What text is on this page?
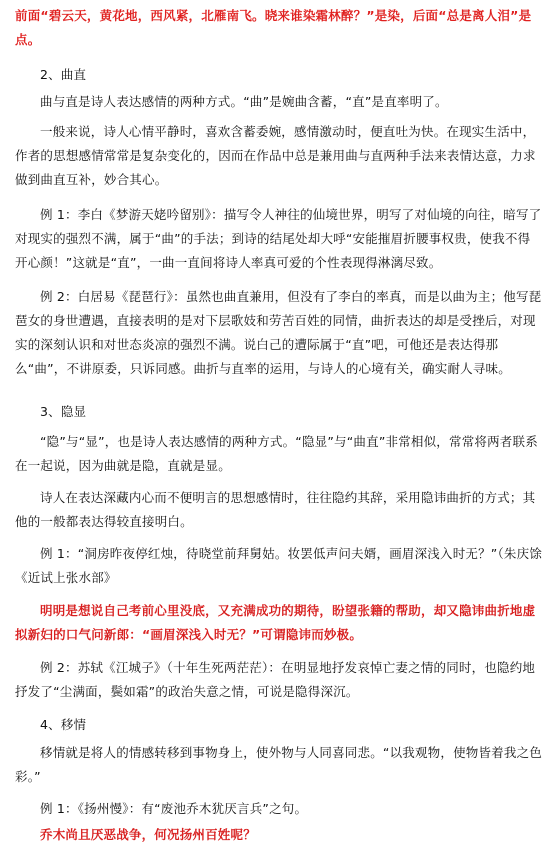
前面“碧云天，黄花地，西风紧，北雁南飞。晓来谁染霜林醉？”是染，后面“总是离人泪”是点。
2、曲直
曲与直是诗人表达感情的两种方式。“曲”是婉曲含蓄，“直”是直率明了。
一般来说，诗人心情平静时，喜欢含蓄委婉，感情激动时，便直吐为快。在现实生活中，作者的思想感情常常是复杂变化的，因而在作品中总是兼用曲与直两种手法来表情达意，力求做到曲直互补，妙合其心。
例 1：李白《梦游天姥吟留别》：描写令人神往的仙境世界，明写了对仙境的向往，暗写了对现实的强烈不满，属于“曲”的手法；到诗的结尾处却大呼“安能摧眉折腰事权贵，使我不得开心颜！”这就是“直”，一曲一直间将诗人率真可爱的个性表现得淋漓尽致。
例 2：白居易《琵琶行》：虽然也曲直兼用，但没有了李白的率真，而是以曲为主；他写琵琶女的身世遭遇，直接表明的是对下层歌妓和劳苦百姓的同情，曲折表达的却是受挫后，对现实的深刻认识和对世态炎凉的强烈不满。说白己的遭际属于“直”吧，可他还是表达得那么“曲”，不讲原委，只诉同感。曲折与直率的运用，与诗人的心境有关，确实耐人寻味。
3、隐显
“隐”与“显”，也是诗人表达感情的两种方式。“隐显”与“曲直”非常相似，常常将两者联系在一起说，因为曲就是隐，直就是显。
诗人在表达深藏内心而不便明言的思想感情时，往往隐约其辞，采用隐讳曲折的方式；其他的一般都表达得较直接明白。
例 1：“洞房昨夜停红烛，待晓堂前拜舅姑。妆罢低声问夫婿，画眉深浅入时无？”（朱庆馀《近试上张水部》
明明是想说自己考前心里没底，又充满成功的期待，盼望张籍的帮助，却又隐讳曲折地虚拟新妇的口气问新郎：“画眉深浅入时无？”可谓隐讳而妙极。
例 2：苏轼《江城子》（十年生死两茫茫）：在明显地抒发哀悼亡妻之情的同时，也隐约地抒发了“尘满面，鬓如霜”的政治失意之情，可说是隐得深沉。
4、移情
移情就是将人的情感转移到事物身上，使外物与人同喜同悲。“以我观物，使物皆着我之色彩。”
例 1：《扬州慢》：有“废池乔木犹厌言兵”之句。
乔木尚且厌恶战争，何况扬州百姓呢？
